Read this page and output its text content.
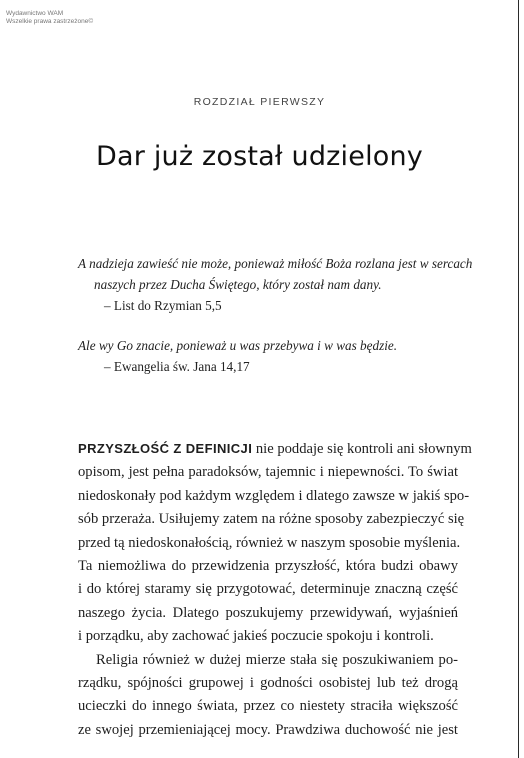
Wydawnictwo WAM
Wszelkie prawa zastrzeżone©
ROZDZIAŁ PIERWSZY
Dar już został udzielony
A nadzieja zawieść nie może, ponieważ miłość Boża rozlana jest w sercach
naszych przez Ducha Świętego, który został nam dany.
– List do Rzymian 5,5
Ale wy Go znacie, ponieważ u was przebywa i w was będzie.
– Ewangelia św. Jana 14,17
PRZYSZŁOŚĆ Z DEFINICJI nie poddaje się kontroli ani słownym
opisom, jest pełna paradoksów, tajemnic i niepewności. To świat
niedoskonały pod każdym względem i dlatego zawsze w jakiś spo-
sób przeraża. Usiłujemy zatem na różne sposoby zabezpieczyć się
przed tą niedoskonałością, również w naszym sposobie myślenia.
Ta niemożliwa do przewidzenia przyszłość, która budzi obawy
i do której staramy się przygotować, determinuje znaczną część
naszego życia. Dlatego poszukujemy przewidywań, wyjaśnień
i porządku, aby zachować jakieś poczucie spokoju i kontroli.
Religia również w dużej mierze stała się poszukiwaniem po-
rządku, spójności grupowej i godności osobistej lub też drogą
ucieczki do innego świata, przez co niestety straciła większość
ze swojej przemieniającej mocy. Prawdziwa duchowość nie jest
